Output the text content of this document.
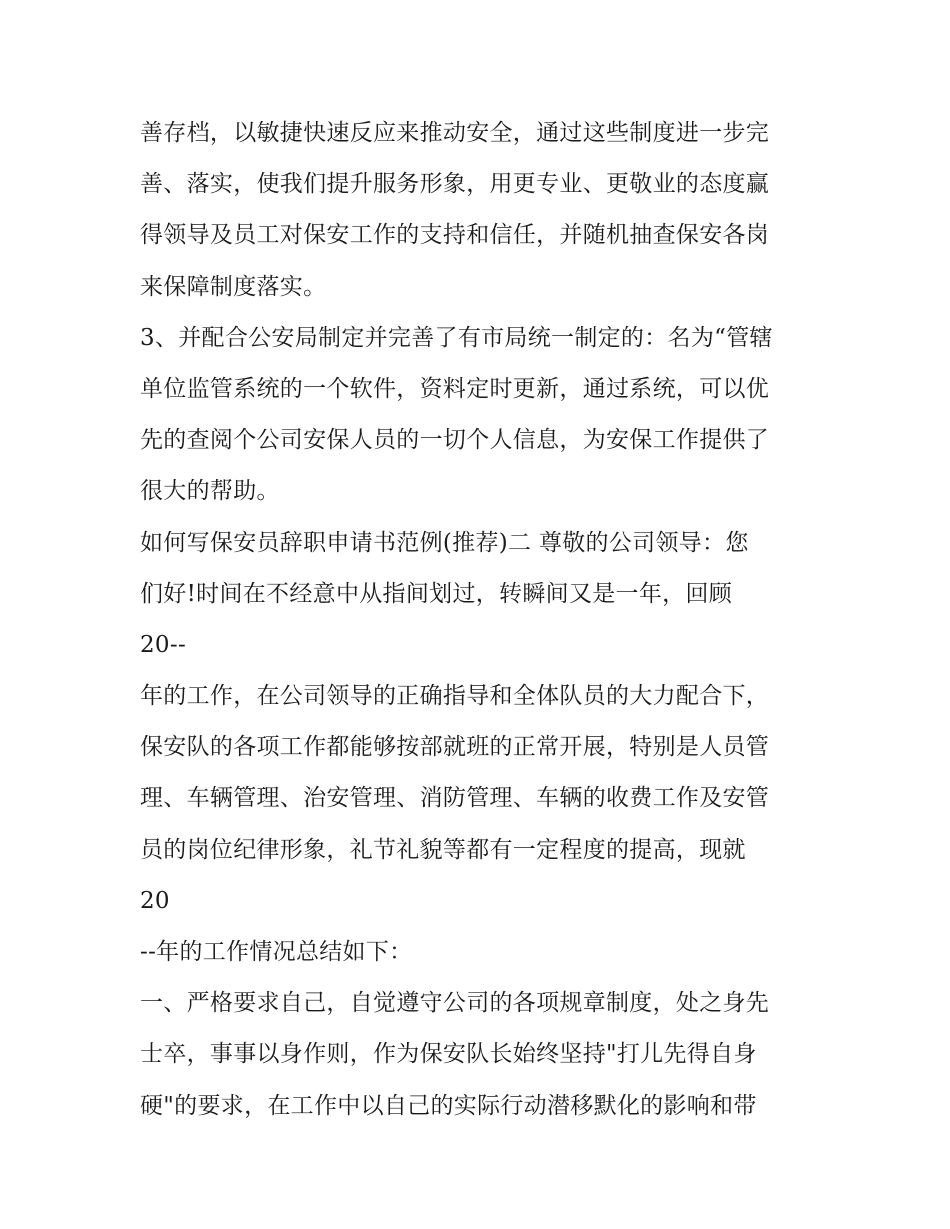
善存档，以敏捷快速反应来推动安全，通过这些制度进一步完
善、落实，使我们提升服务形象，用更专业、更敬业的态度赢
得领导及员工对保安工作的支持和信任，并随机抽查保安各岗
来保障制度落实。
3、并配合公安局制定并完善了有市局统一制定的：名为“管辖
单位监管系统的一个软件，资料定时更新，通过系统，可以优
先的查阅个公司安保人员的一切个人信息，为安保工作提供了
很大的帮助。
如何写保安员辞职申请书范例(推荐)二 尊敬的公司领导：您
们好!时间在不经意中从指间划过，转瞬间又是一年，回顾
20--
年的工作，在公司领导的正确指导和全体队员的大力配合下，
保安队的各项工作都能够按部就班的正常开展，特别是人员管
理、车辆管理、治安管理、消防管理、车辆的收费工作及安管
员的岗位纪律形象，礼节礼貌等都有一定程度的提高，现就
20
--年的工作情况总结如下：
一、严格要求自己，自觉遵守公司的各项规章制度，处之身先
士卒，事事以身作则，作为保安队长始终坚持"打儿先得自身
硬"的要求，在工作中以自己的实际行动潜移默化的影响和带
